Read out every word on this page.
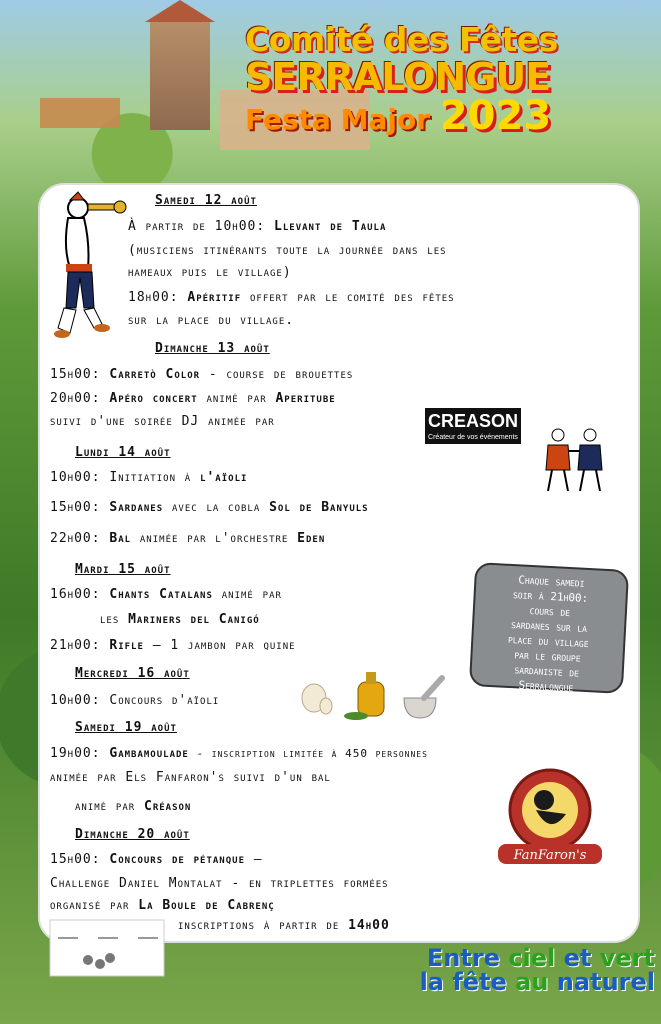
Comité des Fêtes
SERRALONGUE
Festa Major 2023
Samedi 12 août
À partir de 10h00: Llevant de Taula
(musiciens itinérants toute la journée dans les
hameaux puis le village)
18h00: Apéritif offert par le comité des fêtes
sur la place du village.
Dimanche 13 août
15h00: Carretò Color - course de brouettes
20h00: Apéro concert animé par Aperitube
suivi d'une soirée DJ animée par	CREASON
Créateur de vos événements
Lundi 14 août
10h00: Initiation à l'aïoli
15h00: Sardanes avec la cobla Sol de Banyuls
22h00: Bal animée par l'orchestre Eden
Mardi 15 août
16h00: Chants Catalans animé par
les Mariners del Canigó
21h00: Rifle – 1 jambon par quine
Chaque samedi
soir à 21h00:
cours de
sardanes sur la
place du village
par le groupe
sardaniste de
Serralongue
Mercredi 16 août
10h00: Concours d'aïoli
Samedi 19 août
19h00: Gambamoulade - inscription limitée à 450 personnes
animée par Els Fanfaron's suivi d'un bal
animé par Créason
FanFaron's
Dimanche 20 août
15h00: Concours de pétanque –
Challenge Daniel Montalat - en triplettes formées
organisé par La Boule de Cabrenç
inscriptions à partir de 14h00
Entre ciel et vert
la fête au naturel
